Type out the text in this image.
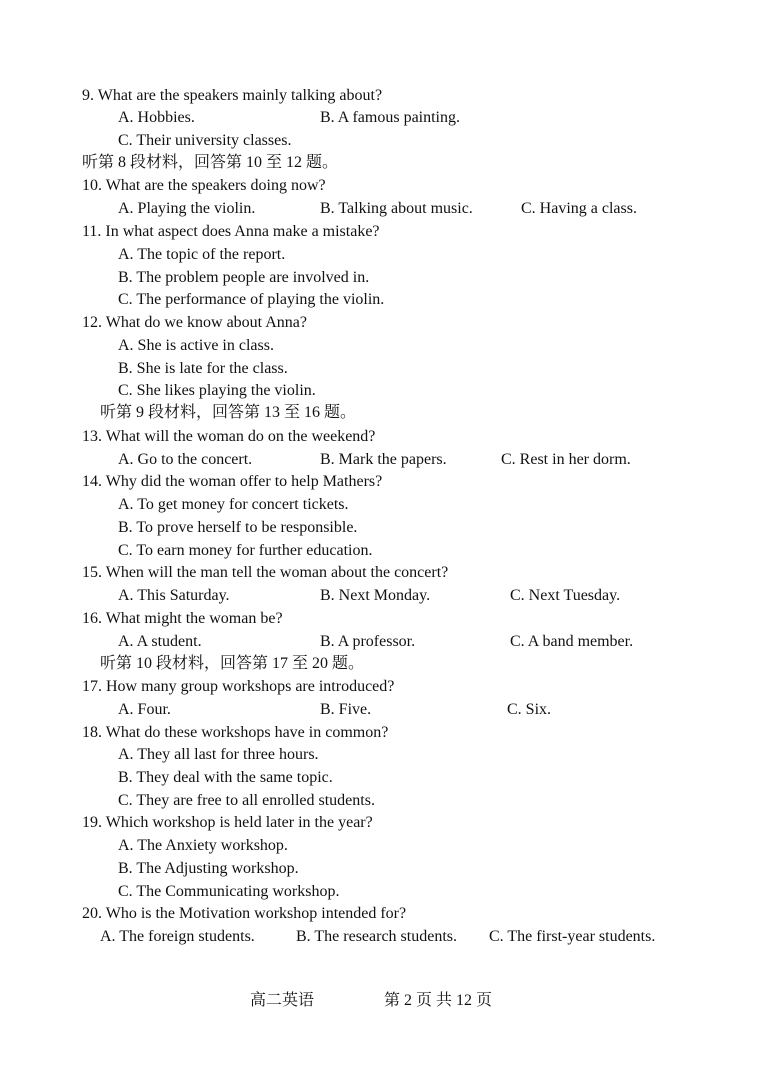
9. What are the speakers mainly talking about?
A. Hobbies.	B. A famous painting.
C. Their university classes.
听第 8 段材料，回答第 10 至 12 题。
10. What are the speakers doing now?
A. Playing the violin.	B. Talking about music.	C. Having a class.
11. In what aspect does Anna make a mistake?
A. The topic of the report.
B. The problem people are involved in.
C. The performance of playing the violin.
12. What do we know about Anna?
A. She is active in class.
B. She is late for the class.
C. She likes playing the violin.
听第 9 段材料，回答第 13 至 16 题。
13. What will the woman do on the weekend?
A. Go to the concert.	B. Mark the papers.	C. Rest in her dorm.
14. Why did the woman offer to help Mathers?
A. To get money for concert tickets.
B. To prove herself to be responsible.
C. To earn money for further education.
15. When will the man tell the woman about the concert?
A. This Saturday.	B. Next Monday.	C. Next Tuesday.
16. What might the woman be?
A. A student.	B. A professor.	C. A band member.
听第 10 段材料，回答第 17 至 20 题。
17. How many group workshops are introduced?
A. Four.	B. Five.	C. Six.
18. What do these workshops have in common?
A. They all last for three hours.
B. They deal with the same topic.
C. They are free to all enrolled students.
19. Which workshop is held later in the year?
A. The Anxiety workshop.
B. The Adjusting workshop.
C. The Communicating workshop.
20. Who is the Motivation workshop intended for?
A. The foreign students.	B. The research students. C. The first-year students.
高二英语	第 2 页 共 12 页
